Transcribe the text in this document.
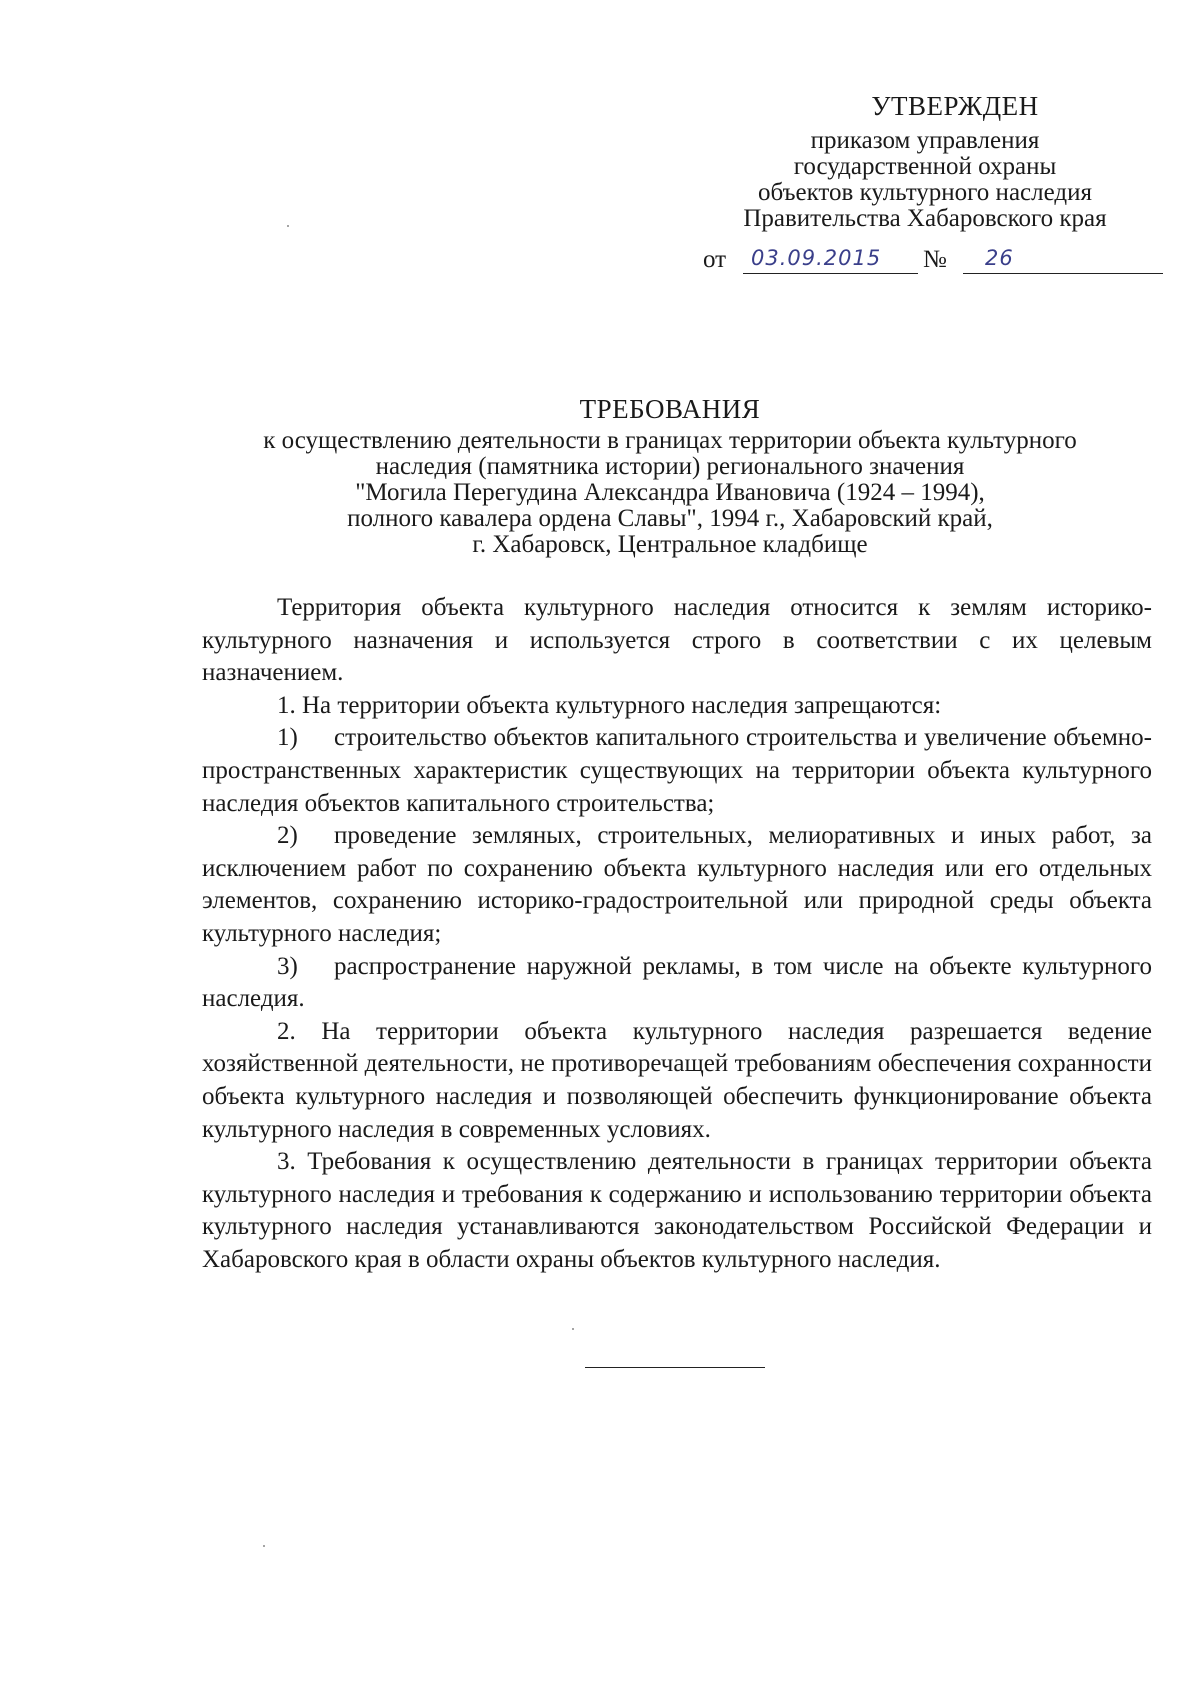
УТВЕРЖДЕН
приказом управления
государственной охраны
объектов культурного наследия
Правительства Хабаровского края
от	03.09.2015	№	26
ТРЕБОВАНИЯ
к осуществлению деятельности в границах территории объекта культурного
наследия (памятника истории) регионального значения
"Могила Перегудина Александра Ивановича (1924 – 1994),
полного кавалера ордена Славы", 1994 г., Хабаровский край,
г. Хабаровск, Центральное кладбище

Территория объекта культурного наследия относится к землям историко-культурного назначения и используется строго в соответствии с их целевым назначением.

1. На территории объекта культурного наследия запрещаются:

1) строительство объектов капитального строительства и увеличение объемно-пространственных характеристик существующих на территории объекта культурного наследия объектов капитального строительства;

2) проведение земляных, строительных, мелиоративных и иных работ, за исключением работ по сохранению объекта культурного наследия или его отдельных элементов, сохранению историко-градостроительной или природной среды объекта культурного наследия;

3) распространение наружной рекламы, в том числе на объекте культурного наследия.

2. На территории объекта культурного наследия разрешается ведение хозяйственной деятельности, не противоречащей требованиям обеспечения сохранности объекта культурного наследия и позволяющей обеспечить функционирование объекта культурного наследия в современных условиях.

3. Требования к осуществлению деятельности в границах территории объекта культурного наследия и требования к содержанию и использованию территории объекта культурного наследия устанавливаются законодательством Российской Федерации и Хабаровского края в области охраны объектов культурного наследия.
